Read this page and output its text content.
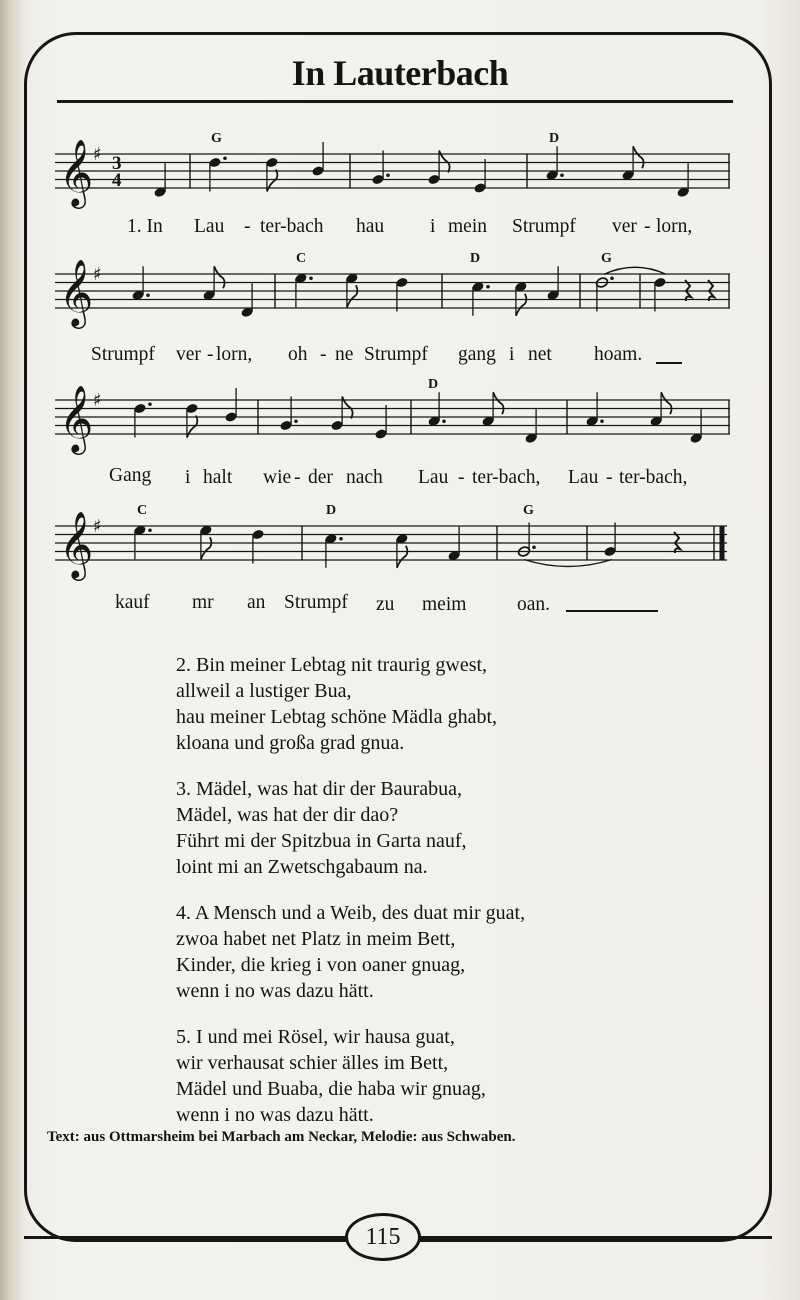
In Lauterbach
𝄞 ♯ 3
4
G	D
𝄞 ♯
C	D	G
𝄞 ♯
D
𝄞 ♯
C	D	G
1. In Lau - ter-bach hau i mein Strumpf ver - lorn,
Strumpf ver - lorn, oh - ne Strumpf gang i net hoam.
Gang i halt wie - der nach Lau - ter-bach, Lau - ter-bach,
kauf mr an Strumpf zu meim	oan.
2. Bin meiner Lebtag nit traurig gwest,
allweil a lustiger Bua,
hau meiner Lebtag schöne Mädla ghabt,
kloana und großa grad gnua.
3. Mädel, was hat dir der Baurabua,
Mädel, was hat der dir dao?
Führt mi der Spitzbua in Garta nauf,
loint mi an Zwetschgabaum na.
4. A Mensch und a Weib, des duat mir guat,
zwoa habet net Platz in meim Bett,
Kinder, die krieg i von oaner gnuag,
wenn i no was dazu hätt.
5. I und mei Rösel, wir hausa guat,
wir verhausat schier älles im Bett,
Mädel und Buaba, die haba wir gnuag,
wenn i no was dazu hätt.
Text: aus Ottmarsheim bei Marbach am Neckar, Melodie: aus Schwaben.
115
